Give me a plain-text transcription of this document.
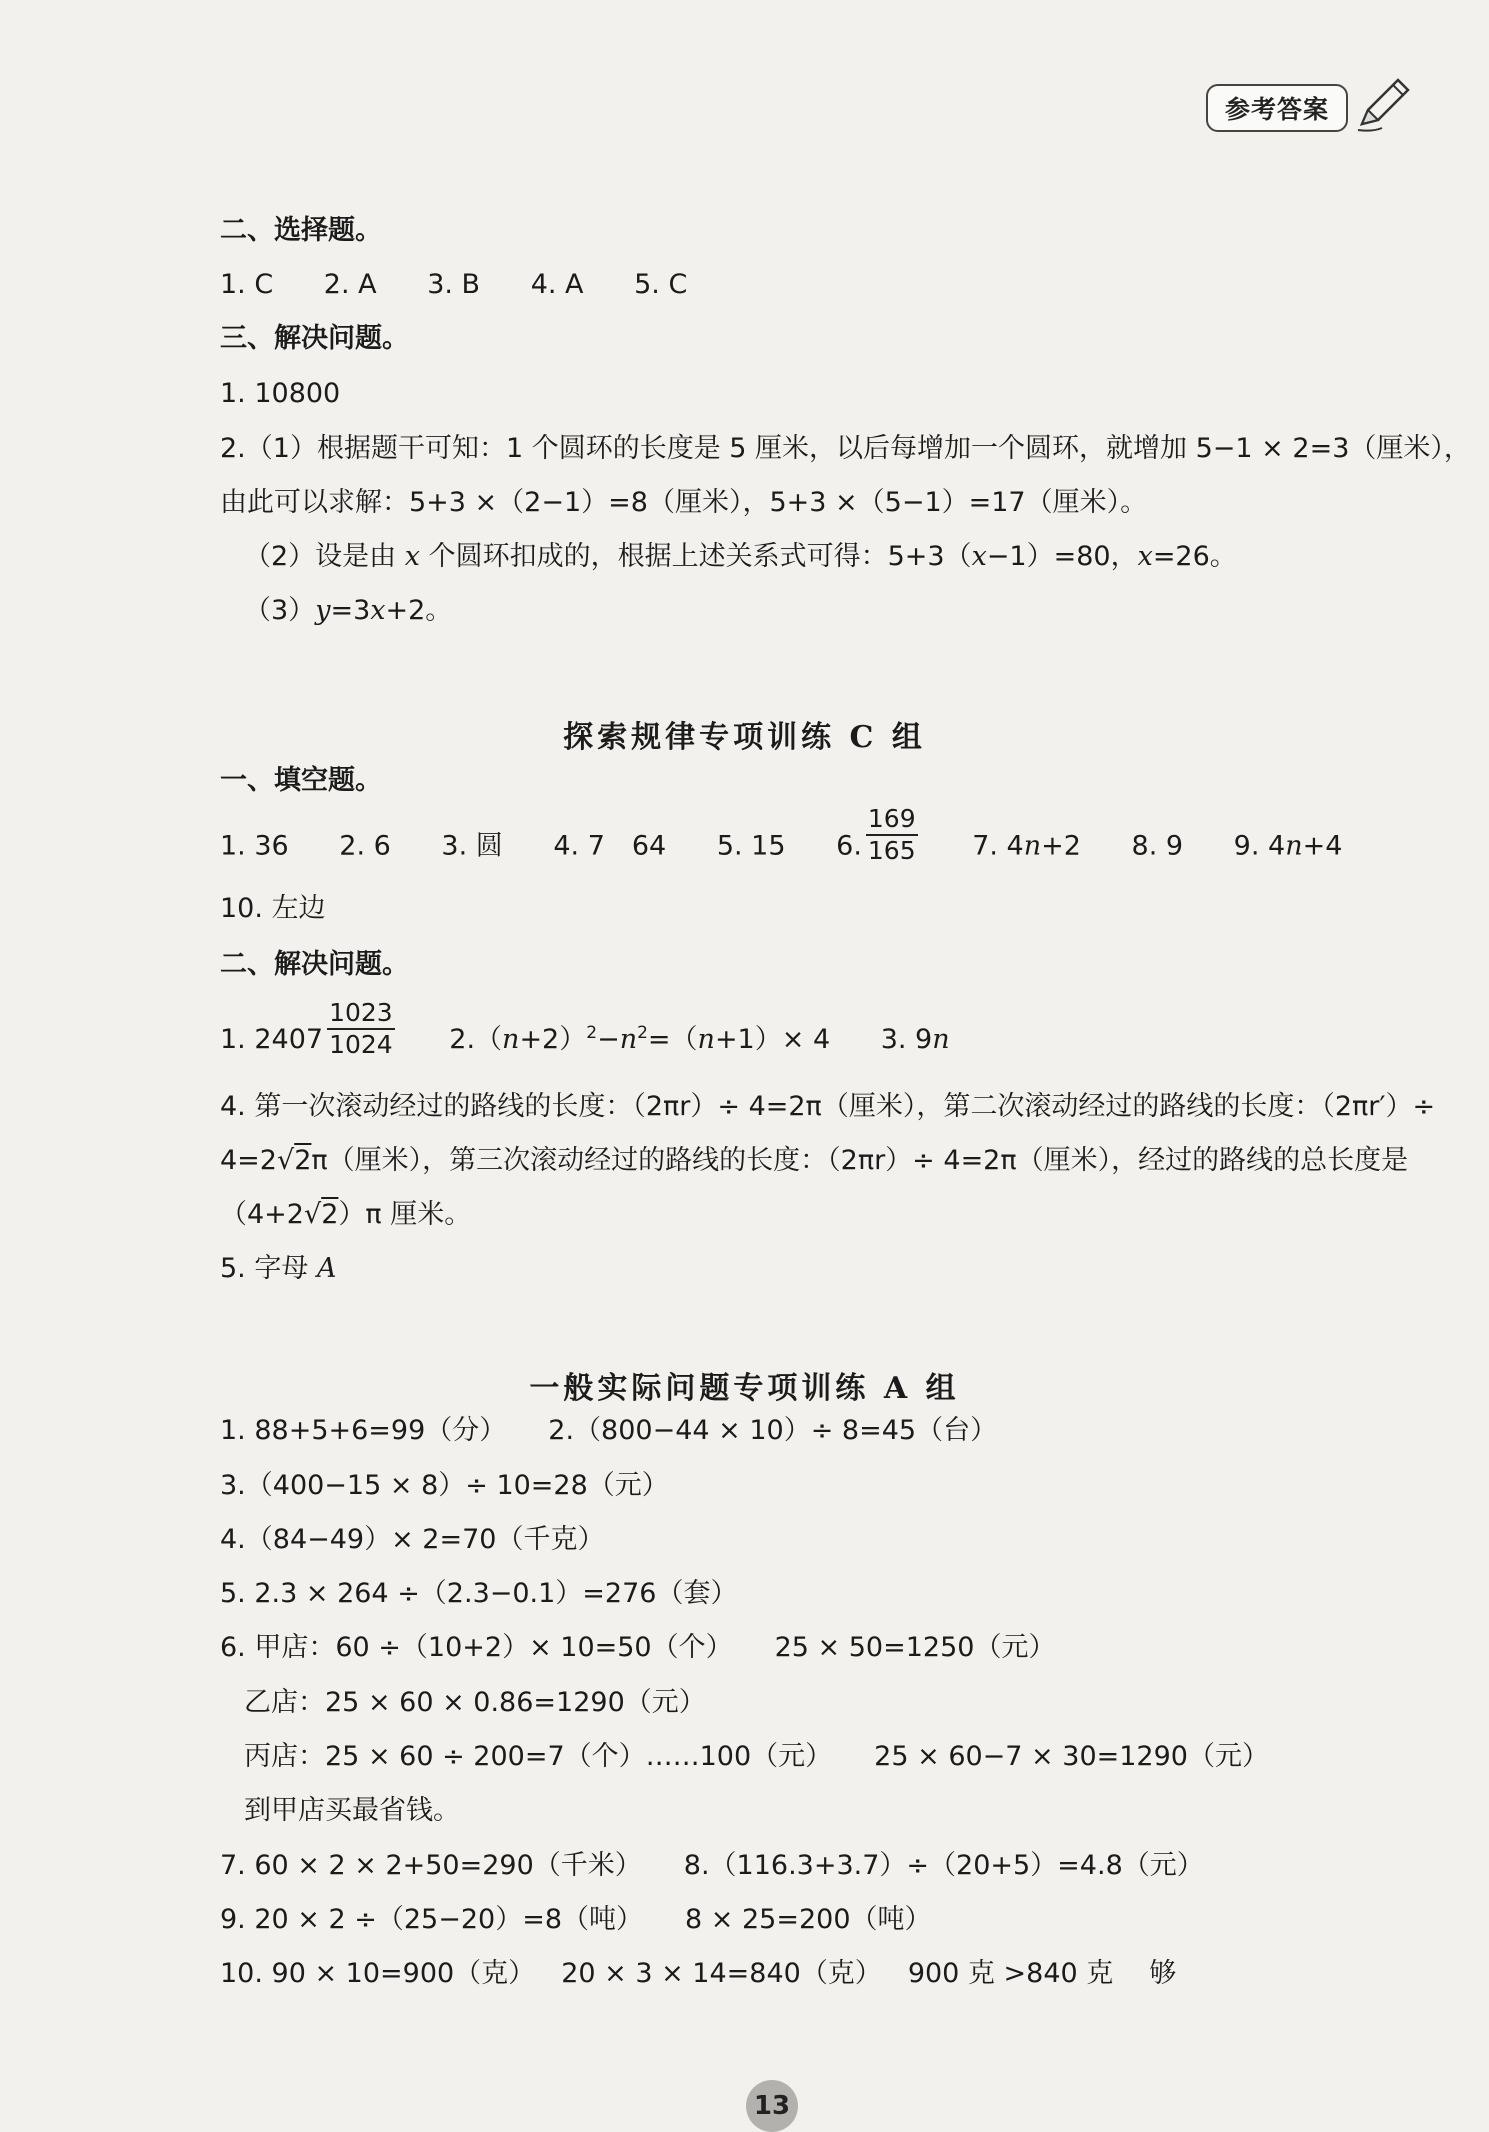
参考答案
二、选择题。
1. C 2. A 3. B 4. A 5. C
三、解决问题。
1. 10800
2.（1）根据题干可知：1 个圆环的长度是 5 厘米，以后每增加一个圆环，就增加 5−1 × 2=3（厘米），
由此可以求解：5+3 ×（2−1）=8（厘米），5+3 ×（5−1）=17（厘米）。
（2）设是由 x 个圆环扣成的，根据上述关系式可得：5+3（x−1）=80，x=26。
（3）y=3x+2。
探索规律专项训练 C 组
一、填空题。
1. 36 2. 6 3. 圆 4. 7　64 5. 15 6. $\frac{169}{165} 7$. 4n+2 8. 9 9. 4n+4
10. 左边
二、解决问题。
1. $2407 \frac{1023}{1024} 2.(n+2)^2-n^2=(n+1)\times 4$ 3. 9n
4. 第一次滚动经过的路线的长度：（2πr）÷ 4=2π（厘米），第二次滚动经过的路线的长度：（2πr′）÷
4=2√2π（厘米），第三次滚动经过的路线的长度：（2πr）÷ 4=2π（厘米），经过的路线的总长度是
（4+2√2）π 厘米。
5. 字母 A
一般实际问题专项训练 A 组
1. 88+5+6=99（分） 2.（800−44 × 10）÷ 8=45（台）
3.（400−15 × 8）÷ 10=28（元）
4.（84−49）× 2=70（千克）
5. 2.3 × 264 ÷（2.3−0.1）=276（套）
6. 甲店：60 ÷（10+2）× 10=50（个） 25 × 50=1250（元）
乙店：25 × 60 × 0.86=1290（元）
丙店：25 × 60 ÷ 200=7（个）……100（元） 25 × 60−7 × 30=1290（元）
到甲店买最省钱。
7. 60 × 2 × 2+50=290（千米） 8.（116.3+3.7）÷（20+5）=4.8（元）
9. 20 × 2 ÷（25−20）=8（吨） 8 × 25=200（吨）
10. 90 × 10=900（克） 20 × 3 × 14=840（克） 900 克 >840 克 够
13
